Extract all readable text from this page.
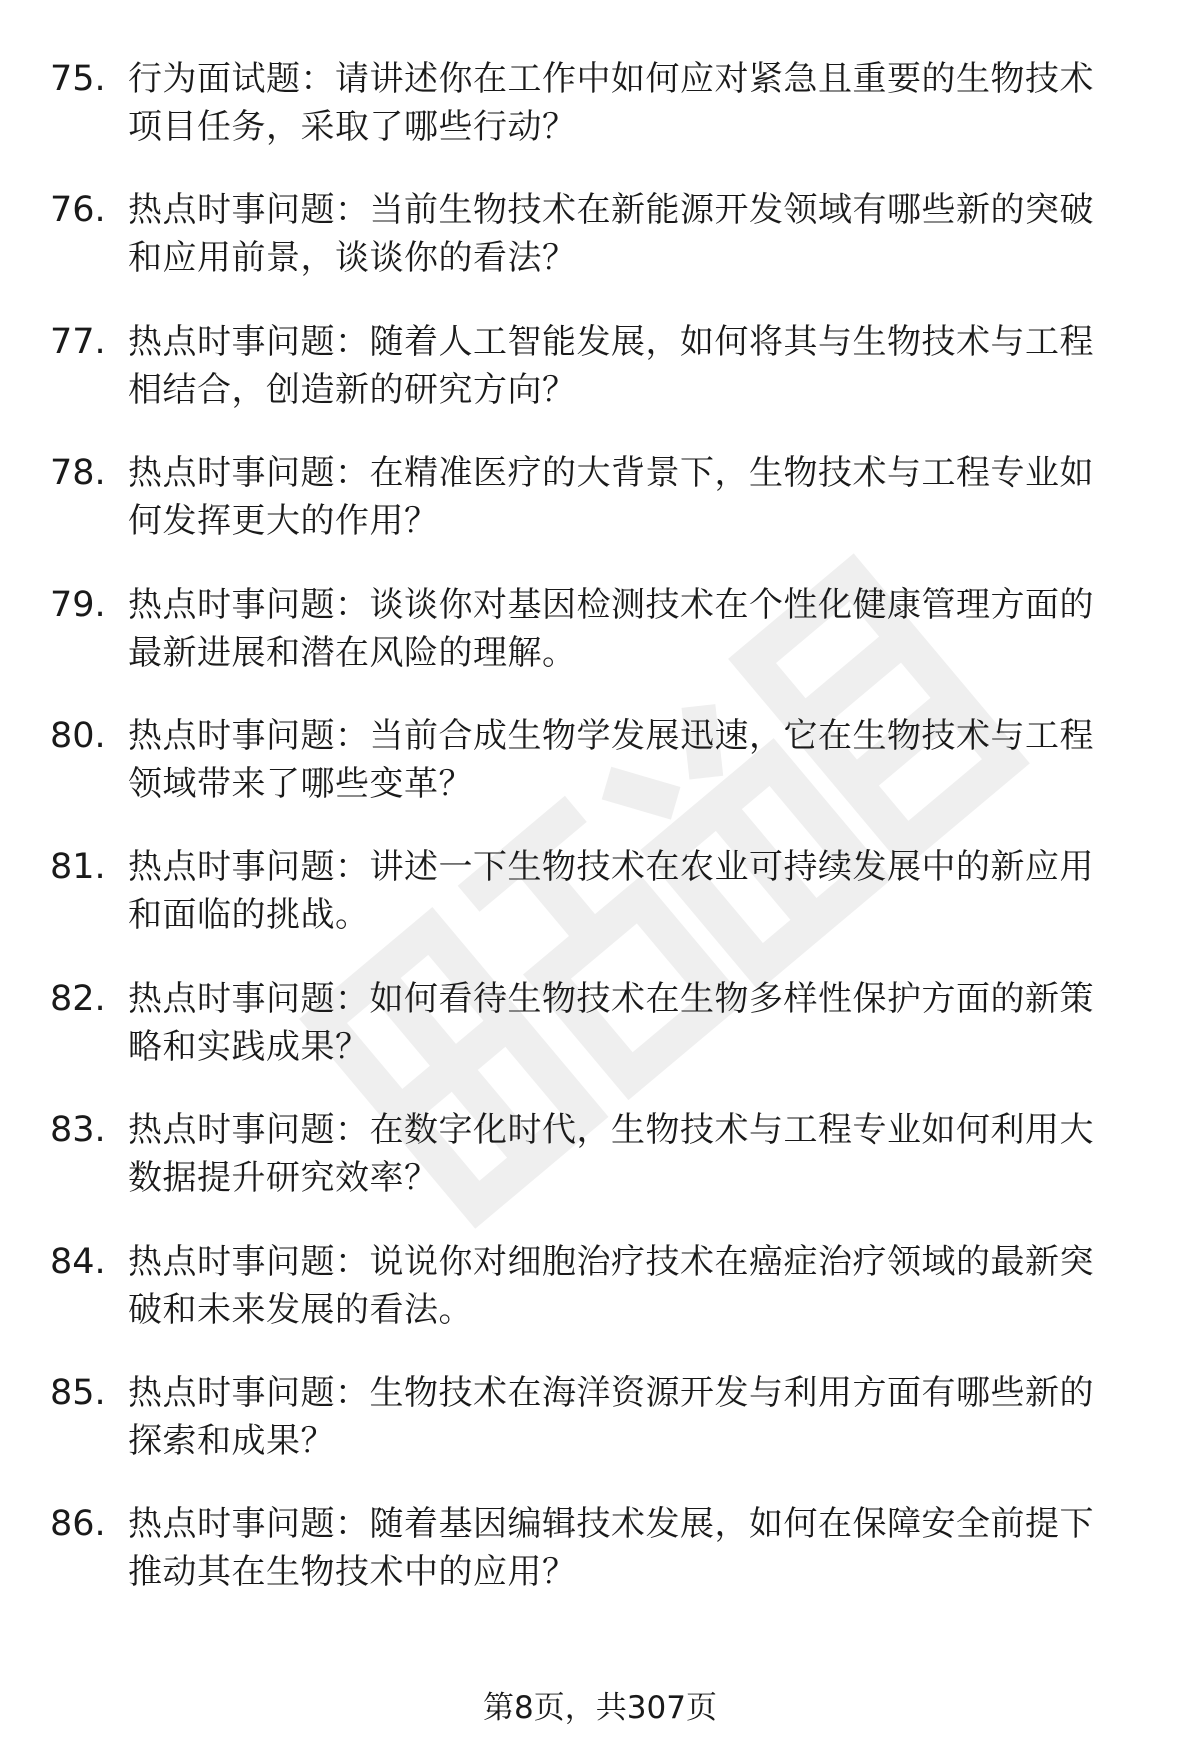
75. 行为面试题：请讲述你在工作中如何应对紧急且重要的生物技术
项目任务，采取了哪些行动？
76. 热点时事问题：当前生物技术在新能源开发领域有哪些新的突破
和应用前景，谈谈你的看法？
77. 热点时事问题：随着人工智能发展，如何将其与生物技术与工程
相结合，创造新的研究方向？
78. 热点时事问题：在精准医疗的大背景下，生物技术与工程专业如
何发挥更大的作用？
79. 热点时事问题：谈谈你对基因检测技术在个性化健康管理方面的
最新进展和潜在风险的理解。
80. 热点时事问题：当前合成生物学发展迅速，它在生物技术与工程
领域带来了哪些变革？
81. 热点时事问题：讲述一下生物技术在农业可持续发展中的新应用
和面临的挑战。
82. 热点时事问题：如何看待生物技术在生物多样性保护方面的新策
略和实践成果？
83. 热点时事问题：在数字化时代，生物技术与工程专业如何利用大
数据提升研究效率？
84. 热点时事问题：说说你对细胞治疗技术在癌症治疗领域的最新突
破和未来发展的看法。
85. 热点时事问题：生物技术在海洋资源开发与利用方面有哪些新的
探索和成果？
86. 热点时事问题：随着基因编辑技术发展，如何在保障安全前提下
推动其在生物技术中的应用？
第8页，共307页
